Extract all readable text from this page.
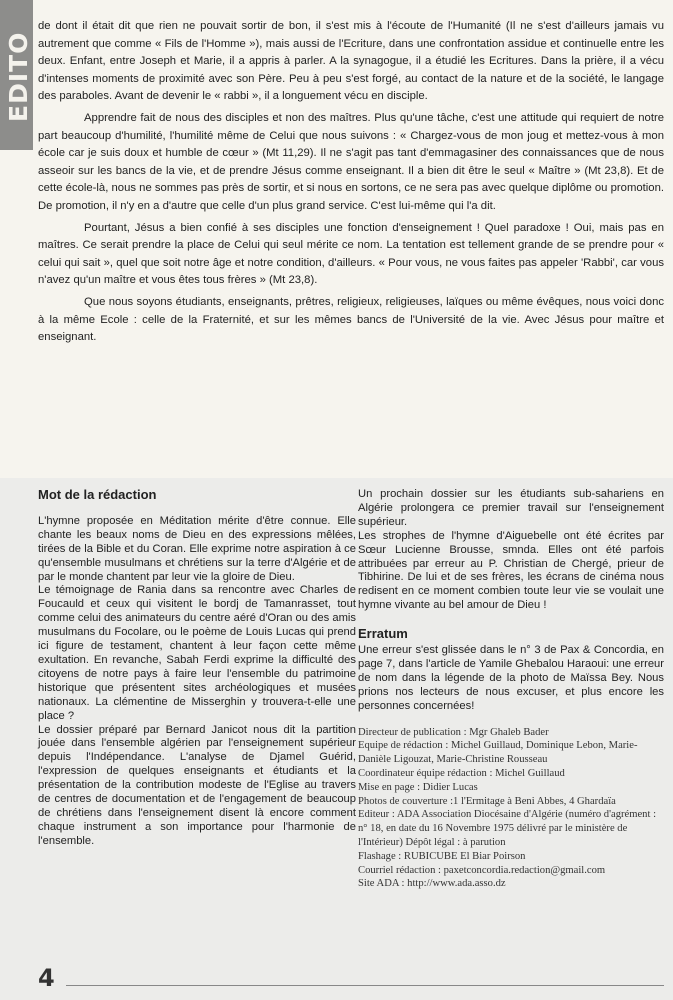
EDITO

de dont il était dit que rien ne pouvait sortir de bon, il s'est mis à l'écoute de l'Humanité (Il ne s'est d'ailleurs jamais vu autrement que comme « Fils de l'Homme »), mais aussi de l'Ecriture, dans une confrontation assidue et continuelle entre les deux. Enfant, entre Joseph et Marie, il a appris à parler. A la synagogue, il a étudié les Ecritures. Dans la prière, il a vécu d'intenses moments de proximité avec son Père. Peu à peu s'est forgé, au contact de la nature et de la société, le langage des paraboles. Avant de devenir le « rabbi », il a longuement vécu en disciple.

Apprendre fait de nous des disciples et non des maîtres. Plus qu'une tâche, c'est une attitude qui requiert de notre part beaucoup d'humilité, l'humilité même de Celui que nous suivons : « Chargez-vous de mon joug et mettez-vous à mon école car je suis doux et humble de cœur » (Mt 11,29). Il ne s'agit pas tant d'emmagasiner des connaissances que de nous asseoir sur les bancs de la vie, et de prendre Jésus comme enseignant. Il a bien dit être le seul « Maître » (Mt 23,8). Et de cette école-là, nous ne sommes pas près de sortir, et si nous en sortons, ce ne sera pas avec quelque diplôme ou promotion. De promotion, il n'y en a d'autre que celle d'un plus grand service. C'est lui-même qui l'a dit.

Pourtant, Jésus a bien confié à ses disciples une fonction d'enseignement ! Quel paradoxe ! Oui, mais pas en maîtres. Ce serait prendre la place de Celui qui seul mérite ce nom. La tentation est tellement grande de se prendre pour « celui qui sait », quel que soit notre âge et notre condition, d'ailleurs. « Pour vous, ne vous faites pas appeler 'Rabbi', car vous n'avez qu'un maître et vous êtes tous frères » (Mt 23,8).

Que nous soyons étudiants, enseignants, prêtres, religieux, religieuses, laïques ou même évêques, nous voici donc à la même Ecole : celle de la Fraternité, et sur les mêmes bancs de l'Université de la vie. Avec Jésus pour maître et enseignant.

Mot de la rédaction

L'hymne proposée en Méditation mérite d'être connue. Elle chante les beaux noms de Dieu en des expressions mêlées, tirées de la Bible et du Coran. Elle exprime notre aspiration à ce qu'ensemble musulmans et chrétiens sur la terre d'Algérie et de par le monde chantent par leur vie la gloire de Dieu.

Le témoignage de Rania dans sa rencontre avec Charles de Foucauld et ceux qui visitent le bordj de Tamanrasset, tout comme celui des animateurs du centre aéré d'Oran ou des amis musulmans du Focolare, ou le poème de Louis Lucas qui prend ici figure de testament, chantent à leur façon cette même exultation. En revanche, Sabah Ferdi exprime la difficulté des citoyens de notre pays à faire leur l'ensemble du patrimoine historique que présentent sites archéologiques et musées nationaux. La clémentine de Misserghin y trouvera-t-elle une place ?

Le dossier préparé par Bernard Janicot nous dit la partition jouée dans l'ensemble algérien par l'enseignement supérieur depuis l'Indépendance. L'analyse de Djamel Guérid, l'expression de quelques enseignants et étudiants et la présentation de la contribution modeste de l'Eglise au travers de centres de documentation et de l'engagement de beaucoup de chrétiens dans l'enseignement disent là encore comment chaque instrument a son importance pour l'harmonie de l'ensemble.

Un prochain dossier sur les étudiants sub-sahariens en Algérie prolongera ce premier travail sur l'enseignement supérieur.

Les strophes de l'hymne d'Aiguebelle ont été écrites par Sœur Lucienne Brousse, smnda. Elles ont été parfois attribuées par erreur au P. Christian de Chergé, prieur de Tibhirine. De lui et de ses frères, les écrans de cinéma nous redisent en ce moment combien toute leur vie se voulait une hymne vivante au bel amour de Dieu !

Erratum

Une erreur s'est glissée dans le n° 3 de Pax & Concordia, en page 7, dans l'article de Yamile Ghebalou Haraoui: une erreur de nom dans la légende de la photo de Maïssa Bey. Nous prions nos lecteurs de nous excuser, et plus encore les personnes concernées!

Directeur de publication : Mgr Ghaleb Bader
Equipe de rédaction : Michel Guillaud, Dominique Lebon, Marie-Danièle Ligouzat, Marie-Christine Rousseau
Coordinateur équipe rédaction : Michel Guillaud
Mise en page : Didier Lucas
Photos de couverture :1 l'Ermitage à Beni Abbes, 4 Ghardaïa
Editeur : ADA Association Diocésaine d'Algérie (numéro d'agrément : n° 18, en date du 16 Novembre 1975 délivré par le ministère de l'Intérieur) Dépôt légal : à parution
Flashage : RUBICUBE El Biar Poirson
Courriel rédaction : paxetconcordia.redaction@gmail.com
Site ADA : http://www.ada.asso.dz
4
